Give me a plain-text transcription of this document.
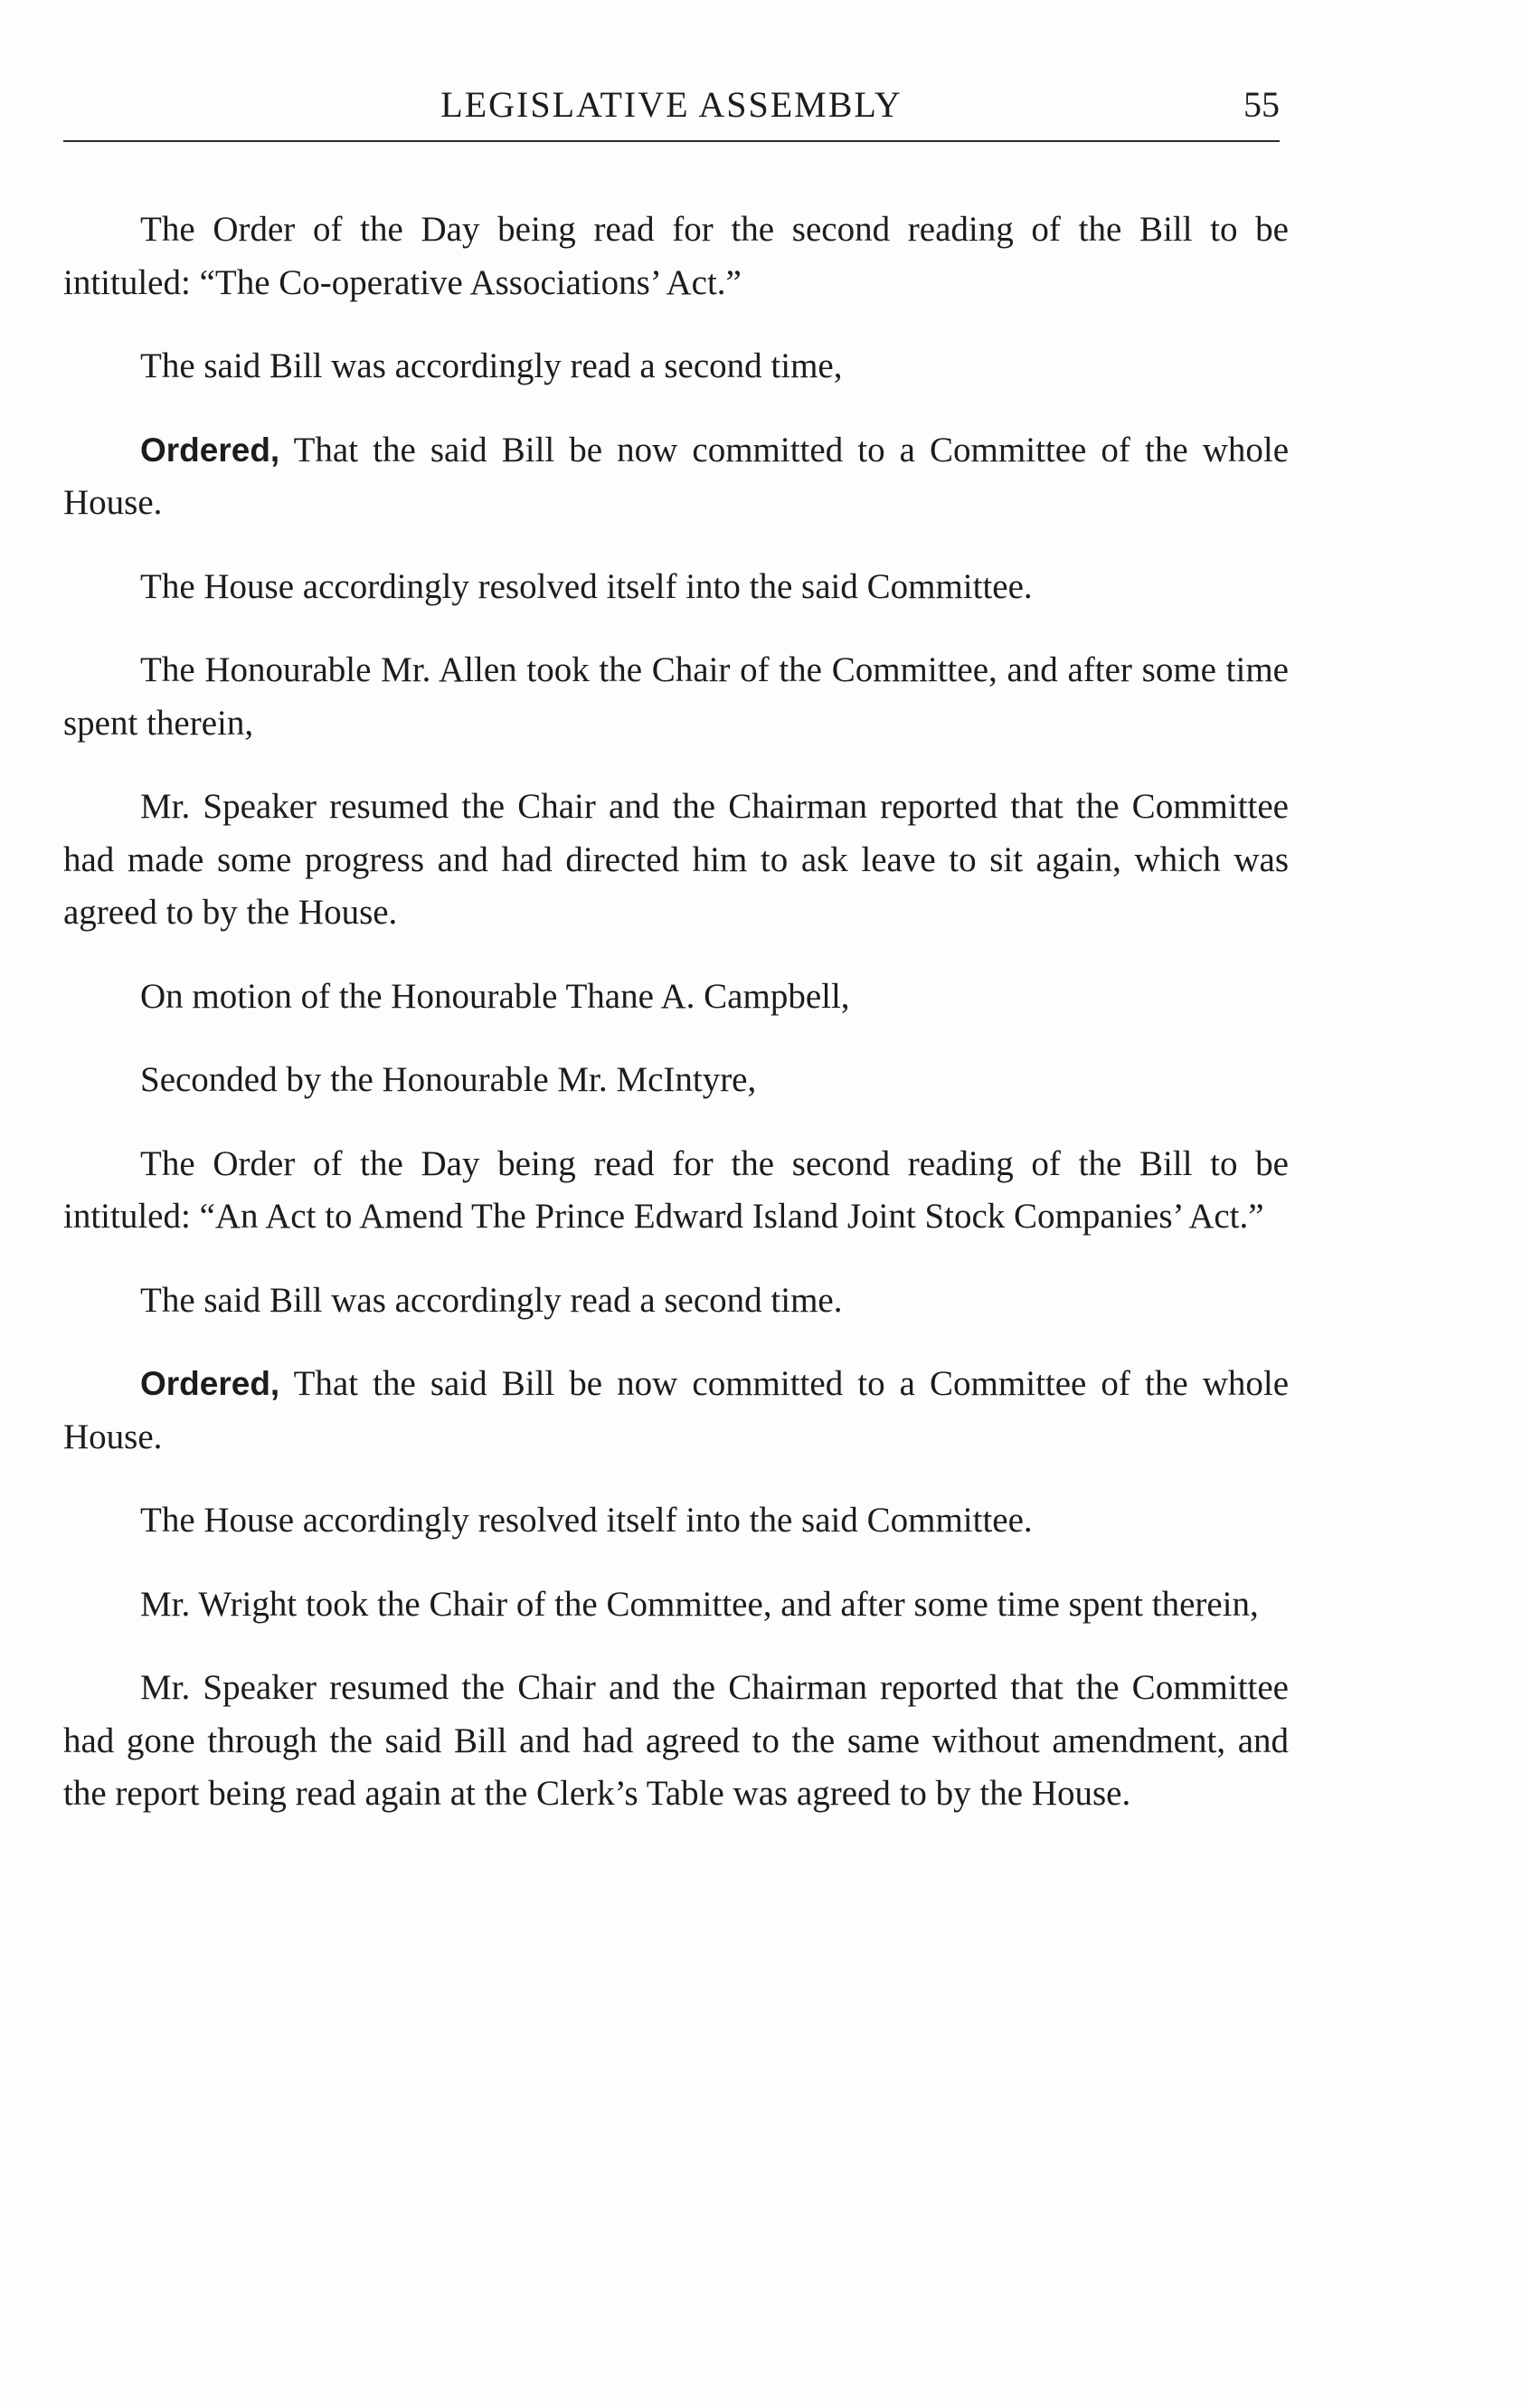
LEGISLATIVE ASSEMBLY	55

The Order of the Day being read for the second reading of the Bill to be intituled: “The Co-operative Associations’ Act.”

The said Bill was accordingly read a second time,

Ordered, That the said Bill be now committed to a Committee of the whole House.

The House accordingly resolved itself into the said Committee.

The Honourable Mr. Allen took the Chair of the Committee, and after some time spent therein,

Mr. Speaker resumed the Chair and the Chairman reported that the Committee had made some progress and had directed him to ask leave to sit again, which was agreed to by the House.

On motion of the Honourable Thane A. Campbell,

Seconded by the Honourable Mr. McIntyre,

The Order of the Day being read for the second reading of the Bill to be intituled: “An Act to Amend The Prince Edward Island Joint Stock Companies’ Act.”

The said Bill was accordingly read a second time.

Ordered, That the said Bill be now committed to a Committee of the whole House.

The House accordingly resolved itself into the said Committee.

Mr. Wright took the Chair of the Committee, and after some time spent therein,

Mr. Speaker resumed the Chair and the Chairman reported that the Committee had gone through the said Bill and had agreed to the same without amendment, and the report being read again at the Clerk’s Table was agreed to by the House.
